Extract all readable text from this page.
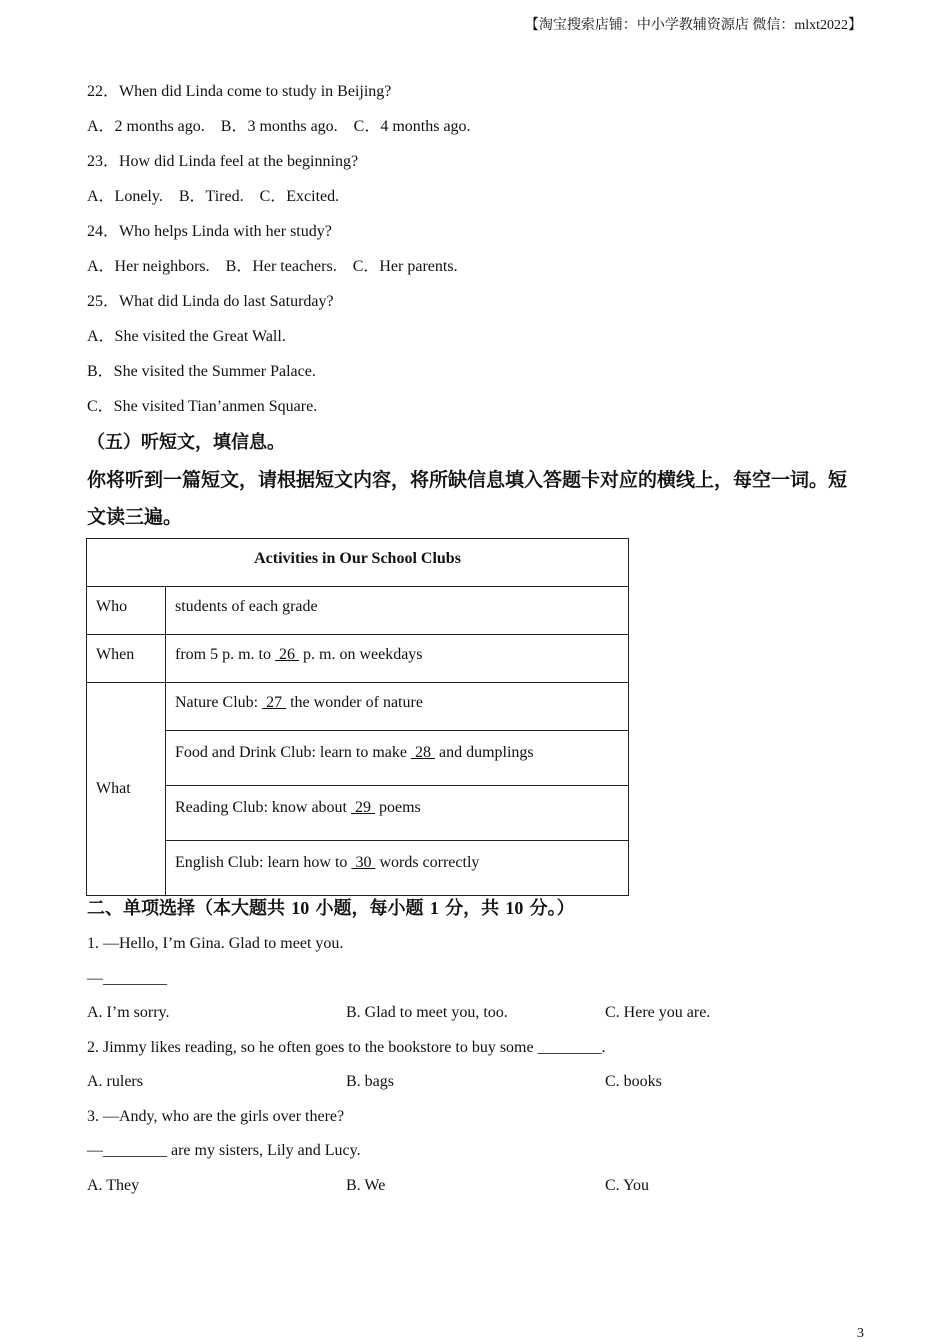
【淘宝搜索店铺：中小学教辅资源店 微信：mlxt2022】
22．When did Linda come to study in Beijing?
A．2 months ago.    B．3 months ago.    C．4 months ago.
23．How did Linda feel at the beginning?
A．Lonely.    B．Tired.    C．Excited.
24．Who helps Linda with her study?
A．Her neighbors.    B．Her teachers.    C．Her parents.
25．What did Linda do last Saturday?
A．She visited the Great Wall.
B．She visited the Summer Palace.
C．She visited Tian’anmen Square.
（五）听短文，填信息。
你将听到一篇短文，请根据短文内容，将所缺信息填入答题卡对应的横线上，每空一词。短
文读三遍。
Activities in Our School Clubs	
Who	students of each grade
When	from 5 p. m. to  26  p. m. on weekdays
What	Nature Club:  27  the wonder of nature
	Food and Drink Club: learn to make  28  and dumplings
	Reading Club: know about  29  poems
	English Club: learn how to  30  words correctly
二、单项选择（本大题共 10 小题，每小题 1 分，共 10 分。）
1. —Hello, I’m Gina. Glad to meet you.
—________
A. I’m sorry.	B. Glad to meet you, too.	C. Here you are.
2. Jimmy likes reading, so he often goes to the bookstore to buy some ________.
A. rulers	B. bags	C. books
3. —Andy, who are the girls over there?
—________ are my sisters, Lily and Lucy.
A. They	B. We	C. You
3
